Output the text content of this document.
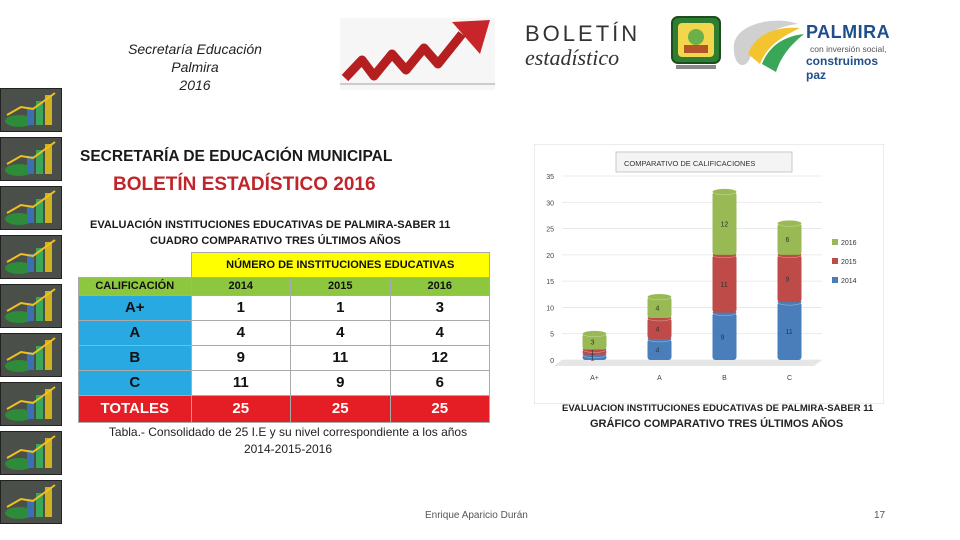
Secretaría Educación
Palmira
2016
BOLETÍN
estadístico
PALMIRA
con inversión social,
construimos paz
SECRETARÍA DE EDUCACIÓN MUNICIPAL
BOLETÍN ESTADÍSTICO 2016
EVALUACIÓN INSTITUCIONES EDUCATIVAS DE PALMIRA-SABER 11
CUADRO COMPARATIVO TRES ÚLTIMOS AÑOS
	NÚMERO DE INSTITUCIONES EDUCATIVAS		
CALIFICACIÓN	2014	2015	2016
A+	1	1	3
A	4	4	4
B	9	11	12
C	11	9	6
TOTALES	25	25	25
Tabla.- Consolidado de 25 I.E y su nivel correspondiente a los años
2014-2015-2016
COMPARATIVO DE CALIFICACIONES
0
5
10
15
20
25
30
35
1
1
3
A+
4
4
4
A
9
11
12
B
11
9
6
C
2016
2015
2014
EVALUACION INSTITUCIONES EDUCATIVAS DE PALMIRA-SABER 11
GRÁFICO COMPARATIVO TRES ÚLTIMOS AÑOS
Enrique Aparicio Durán	17
